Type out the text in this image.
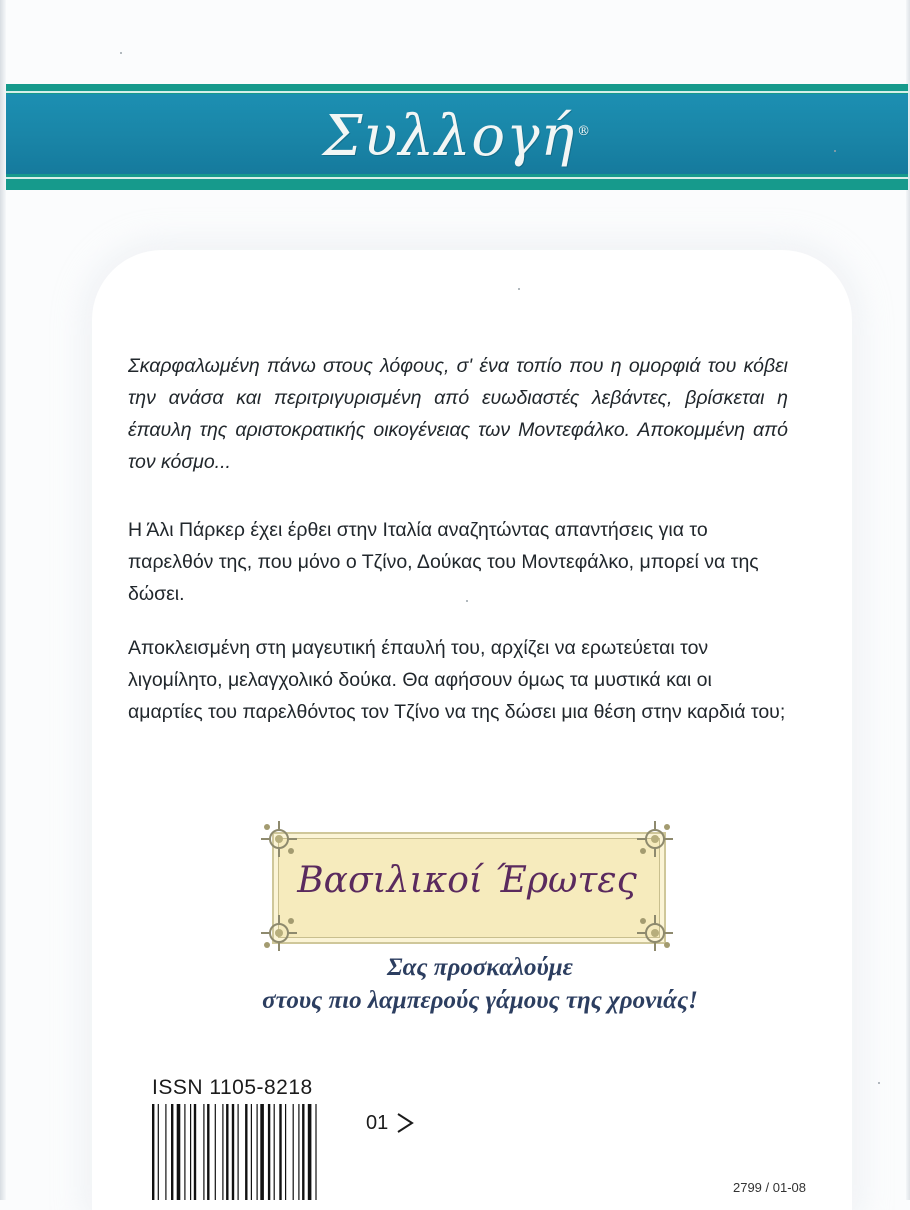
Συλλογή ®

Σκαρφαλωμένη πάνω στους λόφους, σ' ένα τοπίο που η ομορφιά του κόβει την ανάσα και περιτριγυρισμένη από ευωδιαστές λεβάντες, βρίσκεται η έπαυλη της αριστοκρατικής οικογένειας των Μοντεφάλκο. Αποκομμένη από τον κόσμο...

Η Άλι Πάρκερ έχει έρθει στην Ιταλία αναζητώντας απαντήσεις για το παρελθόν της, που μόνο ο Τζίνο, Δούκας του Μοντεφάλκο, μπορεί να της δώσει.

Αποκλεισμένη στη μαγευτική έπαυλή του, αρχίζει να ερωτεύεται τον λιγομίλητο, μελαγχολικό δούκα. Θα αφήσουν όμως τα μυστικά και οι αμαρτίες του παρελθόντος τον Τζίνο να της δώσει μια θέση στην καρδιά του;

Βασιλικοί Έρωτες
Σας προσκαλούμε
στους πιο λαμπερούς γάμους της χρονιάς!
ISSN 1105-8218
01
2799 / 01-08
